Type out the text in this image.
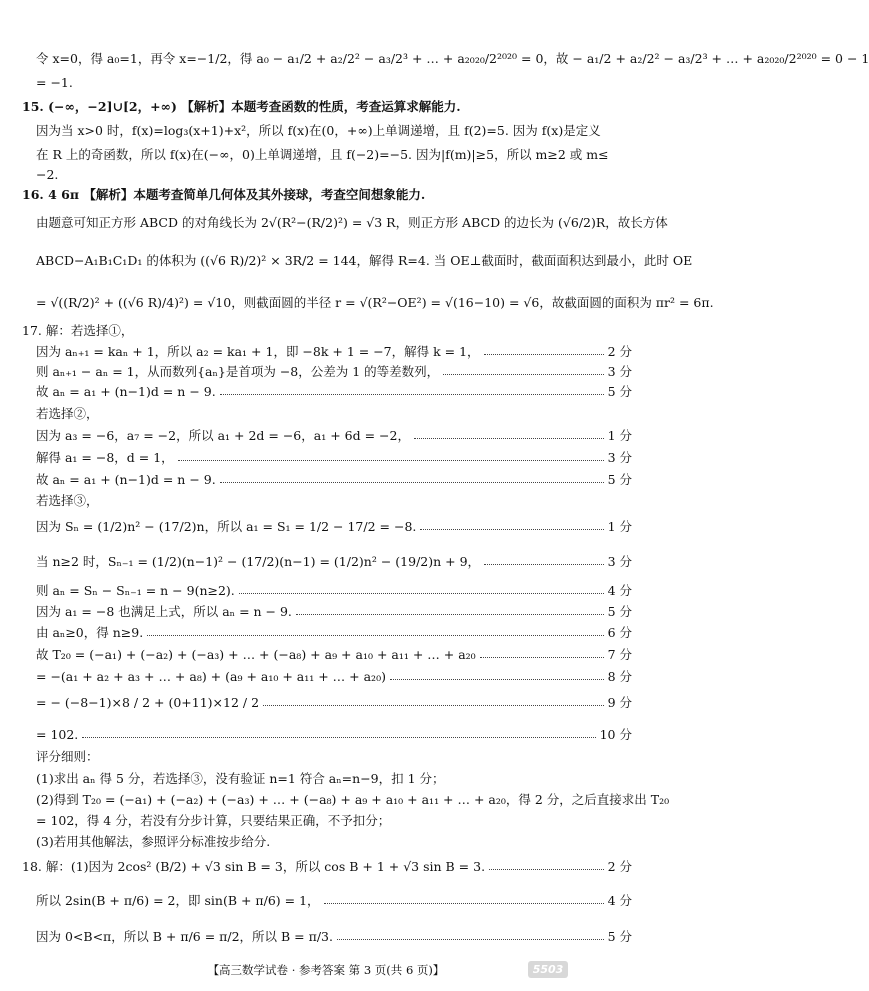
令 x=0，得 a₀=1，再令 x=−1/2，得 a₀ − a₁/2 + a₂/2² − a₃/2³ + … + a₂₀₂₀/2²⁰²⁰ = 0，故 − a₁/2 + a₂/2² − a₃/2³ + … + a₂₀₂₀/2²⁰²⁰ = 0 − 1
= −1.
15. (−∞，−2]∪[2，+∞) 【解析】本题考查函数的性质，考查运算求解能力.
因为当 x>0 时，f(x)=log₃(x+1)+x²，所以 f(x)在(0，+∞)上单调递增，且 f(2)=5. 因为 f(x)是定义
在 R 上的奇函数，所以 f(x)在(−∞，0)上单调递增，且 f(−2)=−5. 因为|f(m)|≥5，所以 m≥2 或 m≤
−2.
16. 4 6π 【解析】本题考查简单几何体及其外接球，考查空间想象能力.
由题意可知正方形 ABCD 的对角线长为 2√(R²−(R/2)²) = √3 R，则正方形 ABCD 的边长为 (√6/2)R，故长方体
ABCD−A₁B₁C₁D₁ 的体积为 ((√6 R)/2)² × 3R/2 = 144，解得 R=4. 当 OE⊥截面时，截面面积达到最小，此时 OE
= √((R/2)² + ((√6 R)/4)²) = √10，则截面圆的半径 r = √(R²−OE²) = √(16−10) = √6，故截面圆的面积为 πr² = 6π.
17. 解：若选择①，
因为 aₙ₊₁ = kaₙ + 1，所以 a₂ = ka₁ + 1，即 −8k + 1 = −7，解得 k = 1，	2 分
则 aₙ₊₁ − aₙ = 1，从而数列{aₙ}是首项为 −8，公差为 1 的等差数列，	3 分
故 aₙ = a₁ + (n−1)d = n − 9.	5 分
若选择②，
因为 a₃ = −6，a₇ = −2，所以 a₁ + 2d = −6，a₁ + 6d = −2，	1 分
解得 a₁ = −8，d = 1，	3 分
故 aₙ = a₁ + (n−1)d = n − 9.	5 分
若选择③，
因为 Sₙ = (1/2)n² − (17/2)n，所以 a₁ = S₁ = 1/2 − 17/2 = −8.	1 分
当 n≥2 时，Sₙ₋₁ = (1/2)(n−1)² − (17/2)(n−1) = (1/2)n² − (19/2)n + 9，	3 分
则 aₙ = Sₙ − Sₙ₋₁ = n − 9(n≥2).	4 分
因为 a₁ = −8 也满足上式，所以 aₙ = n − 9.	5 分
由 aₙ≥0，得 n≥9.	6 分
故 T₂₀ = (−a₁) + (−a₂) + (−a₃) + … + (−a₈) + a₉ + a₁₀ + a₁₁ + … + a₂₀	7 分
= −(a₁ + a₂ + a₃ + … + a₈) + (a₉ + a₁₀ + a₁₁ + … + a₂₀)	8 分
= − (−8−1)×8 / 2 + (0+11)×12 / 2	9 分
= 102.	10 分
评分细则：
(1)求出 aₙ 得 5 分，若选择③，没有验证 n=1 符合 aₙ=n−9，扣 1 分；
(2)得到 T₂₀ = (−a₁) + (−a₂) + (−a₃) + … + (−a₈) + a₉ + a₁₀ + a₁₁ + … + a₂₀，得 2 分，之后直接求出 T₂₀
= 102，得 4 分，若没有分步计算，只要结果正确，不予扣分；
(3)若用其他解法，参照评分标准按步给分.
18. 解：(1)因为 2cos² (B/2) + √3 sin B = 3，所以 cos B + 1 + √3 sin B = 3.	2 分
所以 2sin(B + π/6) = 2，即 sin(B + π/6) = 1，	4 分
因为 0<B<π，所以 B + π/6 = π/2，所以 B = π/3.	5 分
【高三数学试卷 · 参考答案 第 3 页(共 6 页)】	5503
